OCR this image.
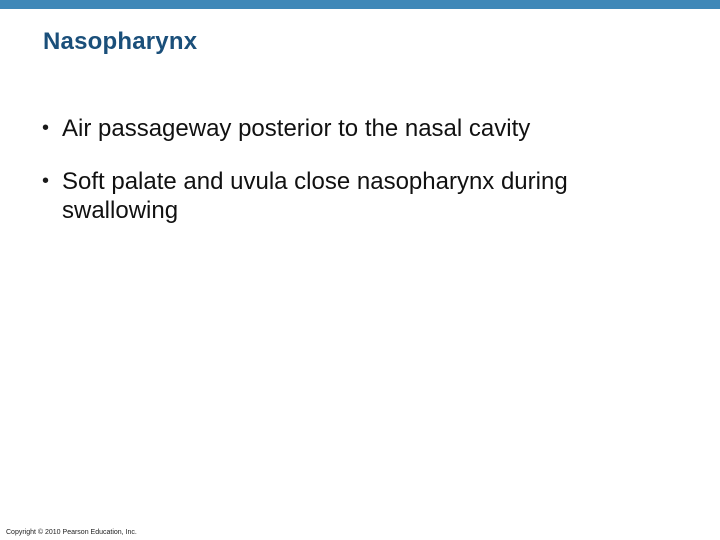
Nasopharynx
• Air passageway posterior to the nasal cavity
• Soft palate and uvula close nasopharynx during swallowing
Copyright © 2010 Pearson Education, Inc.
